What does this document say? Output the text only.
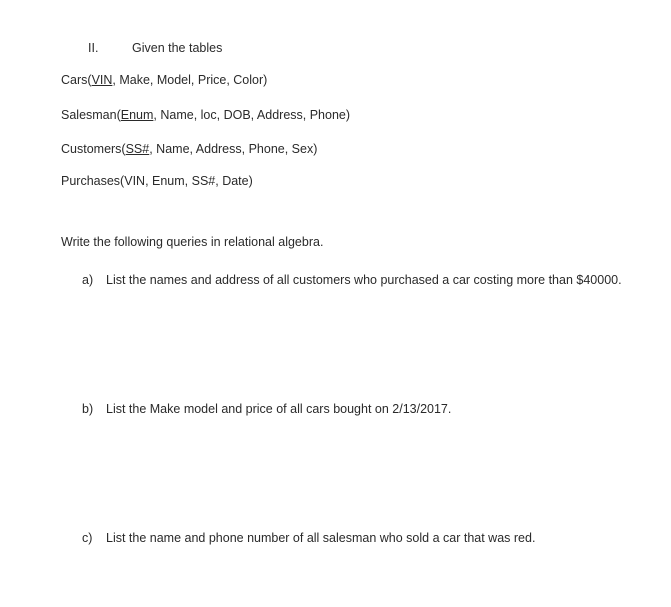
II.	Given the tables
Cars(VIN, Make, Model, Price, Color)
Salesman(Enum, Name, loc, DOB, Address, Phone)
Customers(SS#, Name, Address, Phone, Sex)
Purchases(VIN, Enum, SS#, Date)
Write the following queries in relational algebra.
a) List the names and address of all customers who purchased a car costing more than $40000.
b) List the Make model and price of all cars bought on 2/13/2017.
c) List the name and phone number of all salesman who sold a car that was red.
